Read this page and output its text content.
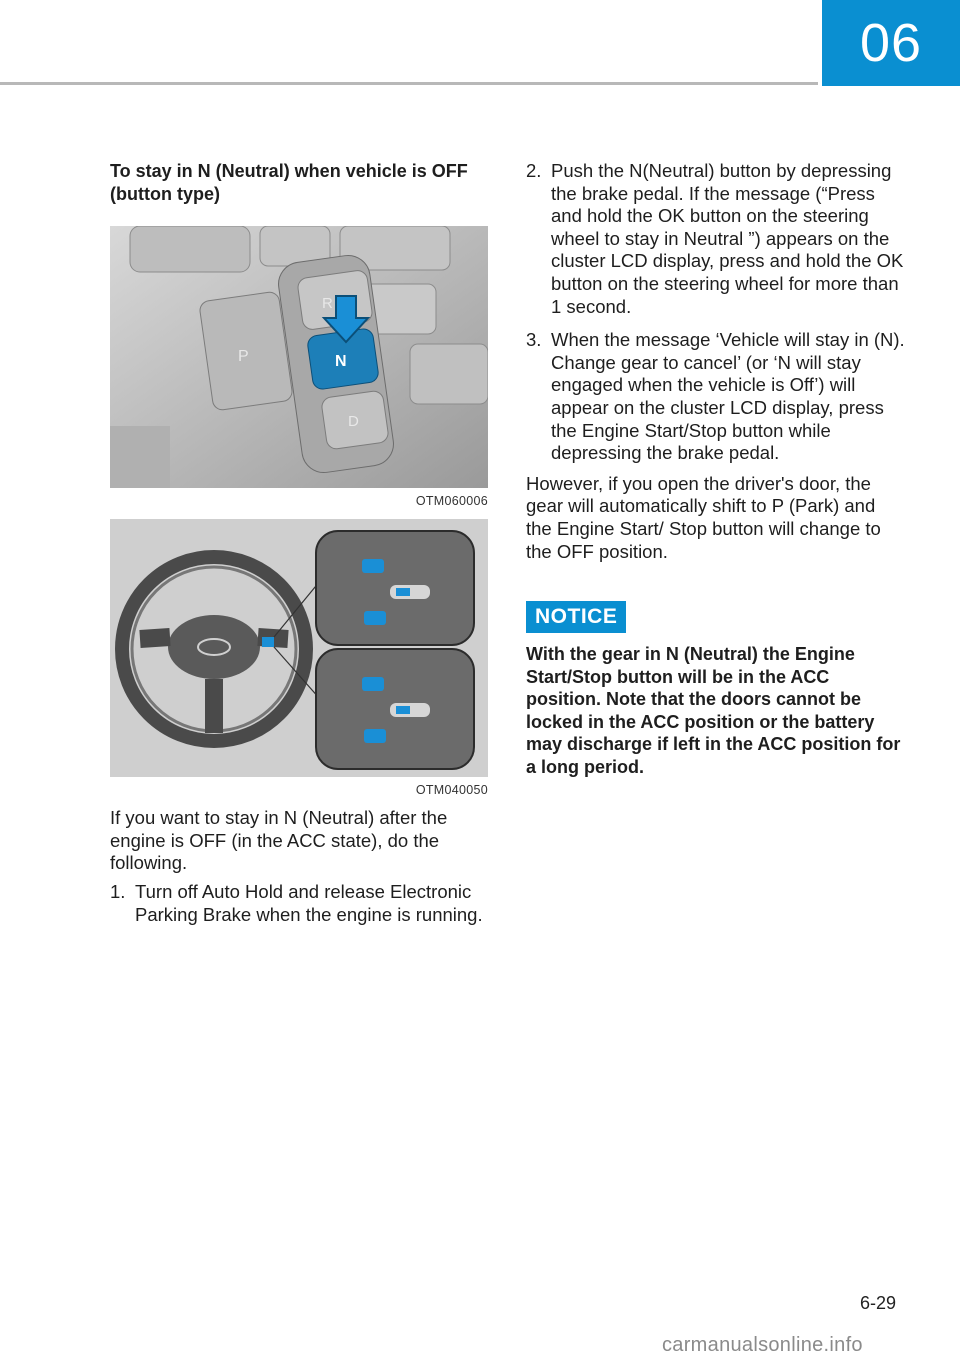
06
To stay in N (Neutral) when vehicle is OFF (button type)
P
R
N
D
OTM060006
OTM040050

If you want to stay in N (Neutral) after the engine is OFF (in the ACC state), do the following.

1. Turn off Auto Hold and release Electronic Parking Brake when the engine is running.
2. Push the N(Neutral) button by depressing the brake pedal. If the message (“Press and hold the OK button on the steering wheel to stay in Neutral ”) appears on the cluster LCD display, press and hold the OK button on the steering wheel for more than 1 second.
3. When the message ‘Vehicle will stay in (N). Change gear to cancel’ (or ‘N will stay engaged when the vehicle is Off’) will appear on the cluster LCD display, press the Engine Start/Stop button while depressing the brake pedal.

However, if you open the driver's door, the gear will automatically shift to P (Park) and the Engine Start/ Stop button will change to the OFF position.

NOTICE

With the gear in N (Neutral) the Engine Start/Stop button will be in the ACC position. Note that the doors cannot be locked in the ACC position or the battery may discharge if left in the ACC position for a long period.

6-29
carmanualsonline.info
